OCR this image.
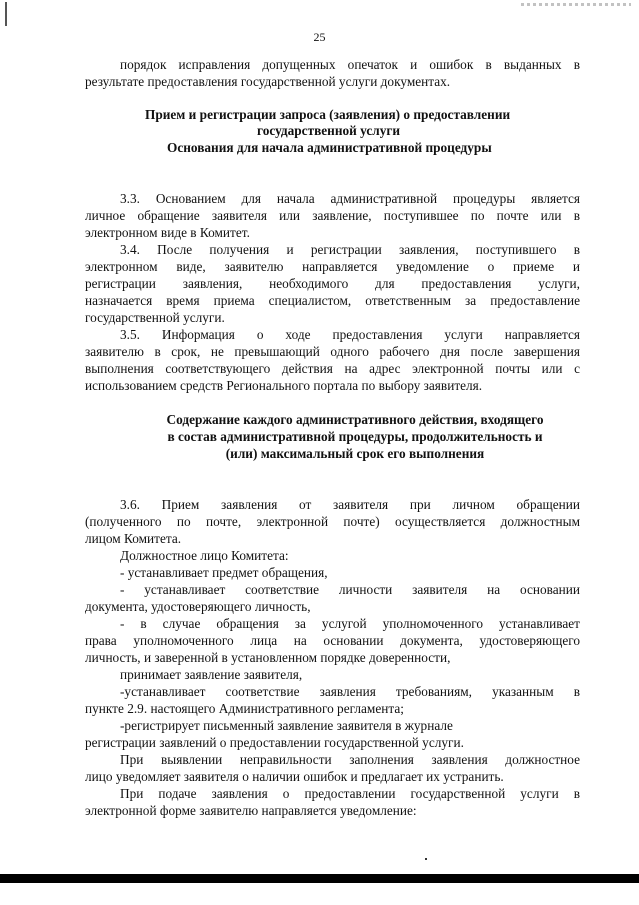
25
порядок исправления допущенных опечаток и ошибок в выданных в
результате предоставления государственной услуги документах.
Прием и регистрации запроса (заявления) о предоставлении
государственной услуги
Основания для начала административной процедуры
3.3. Основанием для начала административной процедуры является
личное обращение заявителя или заявление, поступившее по почте или в
электронном виде в Комитет.
3.4. После получения и регистрации заявления, поступившего в
электронном виде, заявителю направляется уведомление о приеме и
регистрации заявления, необходимого для предоставления услуги,
назначается время приема специалистом, ответственным за предоставление
государственной услуги.
3.5. Информация о ходе предоставления услуги направляется
заявителю в срок, не превышающий одного рабочего дня после завершения
выполнения соответствующего действия на адрес электронной почты или с
использованием средств Регионального портала по выбору заявителя.
Содержание каждого административного действия, входящего
в состав административной процедуры, продолжительность и
(или) максимальный срок его выполнения
3.6. Прием заявления от заявителя при личном обращении
(полученного по почте, электронной почте) осуществляется должностным
лицом Комитета.
Должностное лицо Комитета:
- устанавливает предмет обращения,
- устанавливает соответствие личности заявителя на основании
документа, удостоверяющего личность,
- в случае обращения за услугой уполномоченного устанавливает
права уполномоченного лица на основании документа, удостоверяющего
личность, и заверенной в установленном порядке доверенности,
принимает заявление заявителя,
-устанавливает соответствие заявления требованиям, указанным в
пункте 2.9. настоящего Административного регламента;
-регистрирует письменный заявление заявителя в журнале
регистрации заявлений о предоставлении государственной услуги.
При выявлении неправильности заполнения заявления должностное
лицо уведомляет заявителя о наличии ошибок и предлагает их устранить.
При подаче заявления о предоставлении государственной услуги в
электронной форме заявителю направляется уведомление:
